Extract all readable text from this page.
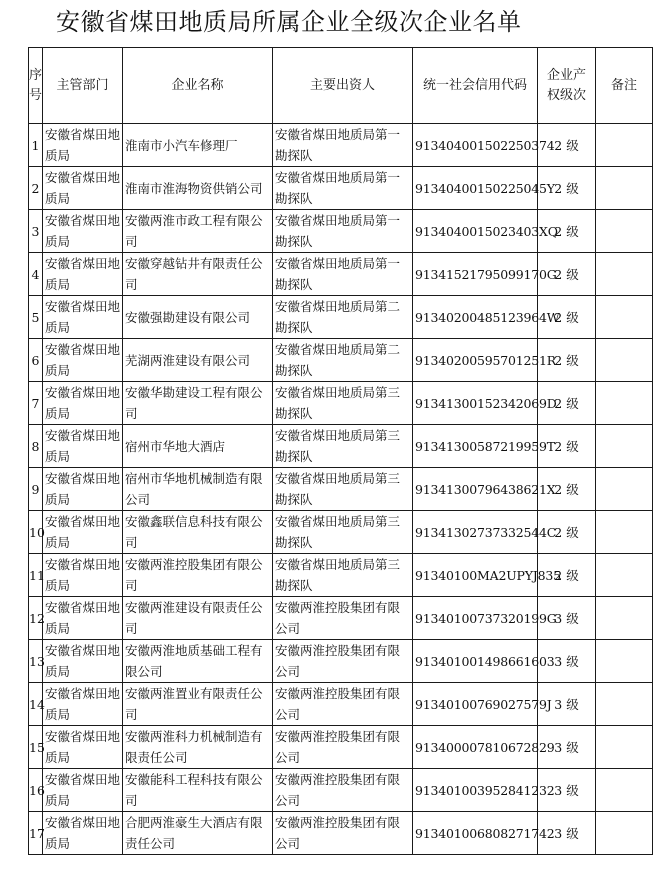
安徽省煤田地质局所属企业全级次企业名单
序号	主管部门	企业名称	主要出资人	统一社会信用代码	企业产权级次	备注
1	安徽省煤田地质局	淮南市小汽车修理厂	安徽省煤田地质局第一勘探队	913404001502250374	2 级	
2	安徽省煤田地质局	淮南市淮海物资供销公司	安徽省煤田地质局第一勘探队	91340400150225045Y	2 级	
3	安徽省煤田地质局	安徽两淮市政工程有限公司	安徽省煤田地质局第一勘探队	9134040015023403XQ	2 级	
4	安徽省煤田地质局	安徽穿越钻井有限责任公司	安徽省煤田地质局第一勘探队	91341521795099170G	2 级	
5	安徽省煤田地质局	安徽强勘建设有限公司	安徽省煤田地质局第二勘探队	91340200485123964W	2 级	
6	安徽省煤田地质局	芜湖两淮建设有限公司	安徽省煤田地质局第二勘探队	91340200595701251R	2 级	
7	安徽省煤田地质局	安徽华勘建设工程有限公司	安徽省煤田地质局第三勘探队	91341300152342069D	2 级	
8	安徽省煤田地质局	宿州市华地大酒店	安徽省煤田地质局第三勘探队	91341300587219959T	2 级	
9	安徽省煤田地质局	宿州市华地机械制造有限公司	安徽省煤田地质局第三勘探队	91341300796438621X	2 级	
10	安徽省煤田地质局	安徽鑫联信息科技有限公司	安徽省煤田地质局第三勘探队	91341302737332544C	2 级	
11	安徽省煤田地质局	安徽两淮控股集团有限公司	安徽省煤田地质局第三勘探队	91340100MA2UPYJ835	2 级	
12	安徽省煤田地质局	安徽两淮建设有限责任公司	安徽两淮控股集团有限公司	91340100737320199G	3 级	
13	安徽省煤田地质局	安徽两淮地质基础工程有限公司	安徽两淮控股集团有限公司	913401001498661603	3 级	
14	安徽省煤田地质局	安徽两淮置业有限责任公司	安徽两淮控股集团有限公司	91340100769027579J	3 级	
15	安徽省煤田地质局	安徽两淮科力机械制造有限责任公司	安徽两淮控股集团有限公司	913400007810672829	3 级	
16	安徽省煤田地质局	安徽能科工程科技有限公司	安徽两淮控股集团有限公司	913401003952841232	3 级	
17	安徽省煤田地质局	合肥两淮豪生大酒店有限责任公司	安徽两淮控股集团有限公司	913401006808271742	3 级	
